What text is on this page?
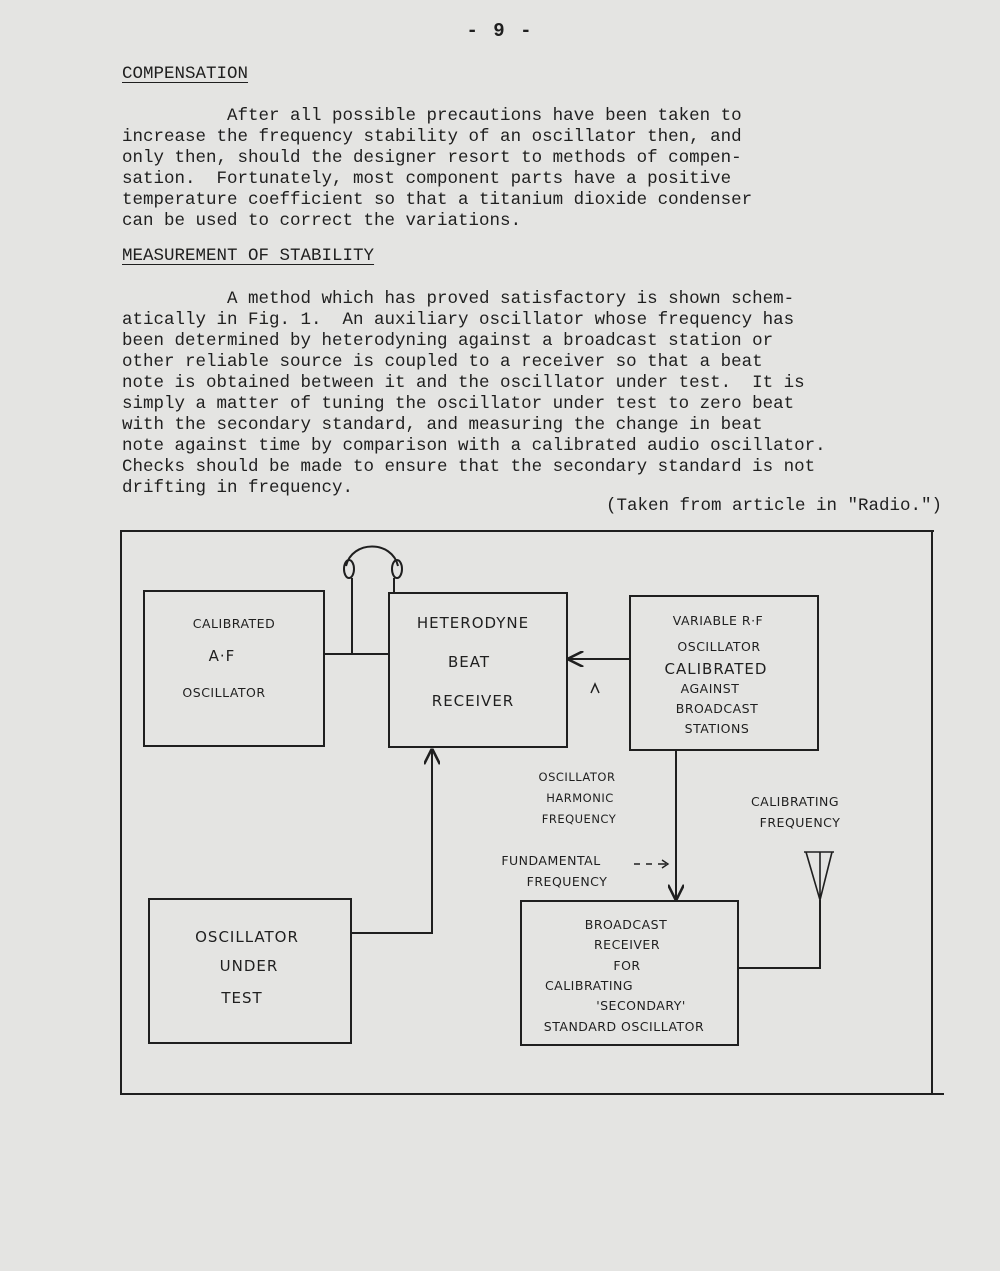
- 9 -
COMPENSATION
After all possible precautions have been taken to
increase the frequency stability of an oscillator then, and
only then, should the designer resort to methods of compen-
sation.  Fortunately, most component parts have a positive
temperature coefficient so that a titanium dioxide condenser
can be used to correct the variations.
MEASUREMENT OF STABILITY
A method which has proved satisfactory is shown schem-
atically in Fig. 1.  An auxiliary oscillator whose frequency has
been determined by heterodyning against a broadcast station or
other reliable source is coupled to a receiver so that a beat
note is obtained between it and the oscillator under test.  It is
simply a matter of tuning the oscillator under test to zero beat
with the secondary standard, and measuring the change in beat
note against time by comparison with a calibrated audio oscillator.
Checks should be made to ensure that the secondary standard is not
drifting in frequency.
(Taken from article in "Radio.")
CALIBRATED
A·F
OSCILLATOR
HETERODYNE
BEAT
RECEIVER
VARIABLE R·F
OSCILLATOR
CALIBRATED
AGAINST
BROADCAST
STATIONS
OSCILLATOR
UNDER
TEST
BROADCAST
RECEIVER
FOR
CALIBRATING
'SECONDARY'
STANDARD OSCILLATOR
OSCILLATOR
HARMONIC
FREQUENCY
FUNDAMENTAL
FREQUENCY
CALIBRATING
FREQUENCY
